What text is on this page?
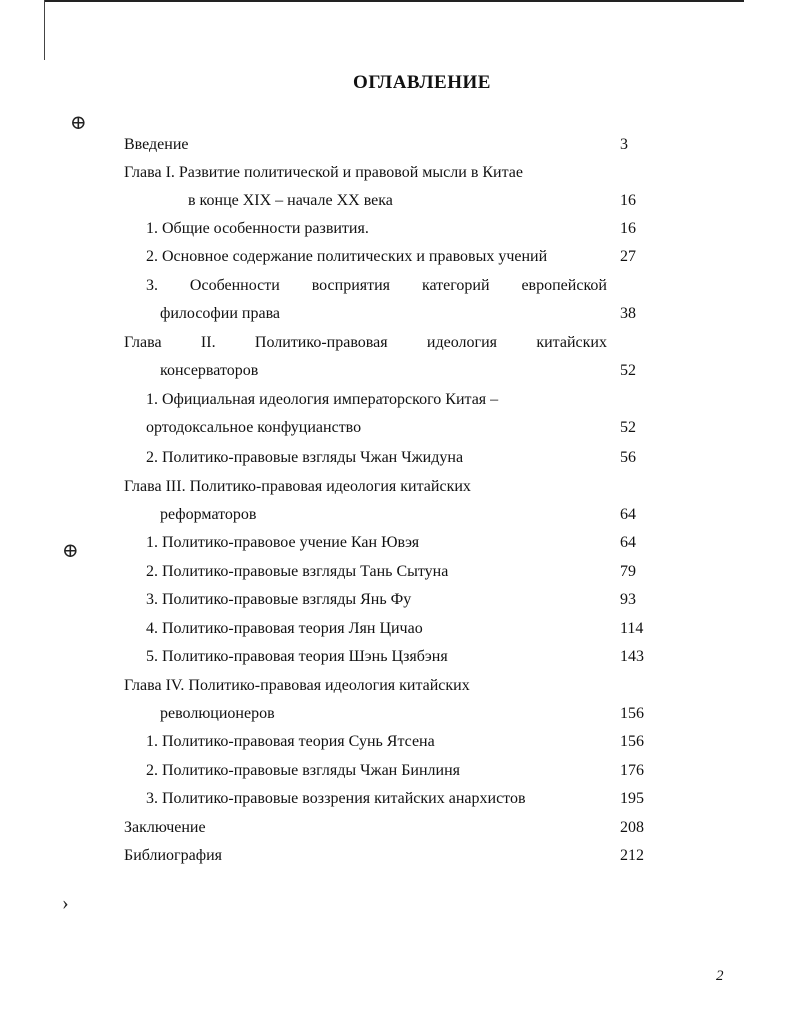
⊕
⊕
›
ОГЛАВЛЕНИЕ
Введение	3
Глава I. Развитие политической и правовой мысли в Китае
в конце XIX – начале XX века	16
1. Общие особенности развития.	16
2. Основное содержание политических и правовых учений	27
3. Особенности восприятия категорий европейской
философии права	38
Глава II. Политико-правовая идеология китайских
консерваторов	52
1. Официальная идеология императорского Китая –
ортодоксальное конфуцианство	52
2. Политико-правовые взгляды Чжан Чжидуна	56
Глава III. Политико-правовая идеология китайских
реформаторов	64
1. Политико-правовое учение Кан Ювэя	64
2. Политико-правовые взгляды Тань Сытуна	79
3. Политико-правовые взгляды Янь Фу	93
4. Политико-правовая теория Лян Цичао	114
5. Политико-правовая теория Шэнь Цзябэня	143
Глава IV. Политико-правовая идеология китайских
революционеров	156
1. Политико-правовая теория Сунь Ятсена	156
2. Политико-правовые взгляды Чжан Бинлиня	176
3. Политико-правовые воззрения китайских анархистов	195
Заключение	208
Библиография	212
2
